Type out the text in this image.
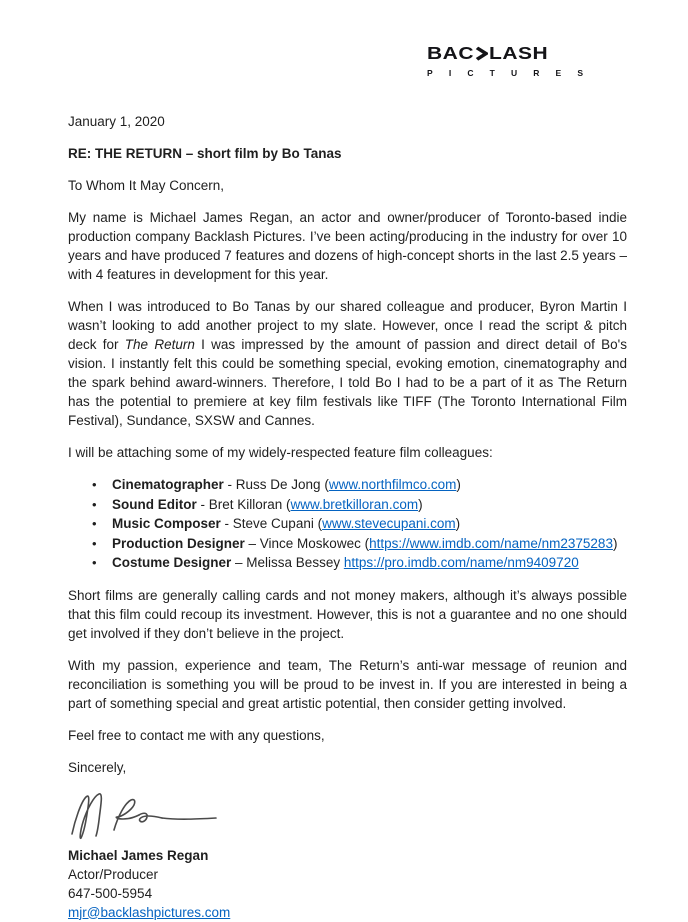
BAC LASH
P I C T U R E S
January 1, 2020
RE: THE RETURN – short film by Bo Tanas
To Whom It May Concern,
My name is Michael James Regan, an actor and owner/producer of Toronto-based indie production company Backlash Pictures. I’ve been acting/producing in the industry for over 10 years and have produced 7 features and dozens of high-concept shorts in the last 2.5 years – with 4 features in development for this year.
When I was introduced to Bo Tanas by our shared colleague and producer, Byron Martin I wasn’t looking to add another project to my slate. However, once I read the script & pitch deck for The Return I was impressed by the amount of passion and direct detail of Bo's vision. I instantly felt this could be something special, evoking emotion, cinematography and the spark behind award-winners. Therefore, I told Bo I had to be a part of it as The Return has the potential to premiere at key film festivals like TIFF (The Toronto International Film Festival), Sundance, SXSW and Cannes.
I will be attaching some of my widely-respected feature film colleagues:
• Cinematographer - Russ De Jong (www.northfilmco.com)
• Sound Editor - Bret Killoran (www.bretkilloran.com)
• Music Composer - Steve Cupani (www.stevecupani.com)
• Production Designer – Vince Moskowec (https://www.imdb.com/name/nm2375283)
• Costume Designer – Melissa Bessey https://pro.imdb.com/name/nm9409720
Short films are generally calling cards and not money makers, although it’s always possible that this film could recoup its investment. However, this is not a guarantee and no one should get involved if they don’t believe in the project.
With my passion, experience and team, The Return’s anti-war message of reunion and reconciliation is something you will be proud to be invest in. If you are interested in being a part of something special and great artistic potential, then consider getting involved.
Feel free to contact me with any questions,
Sincerely,
Michael James Regan
Actor/Producer
647-500-5954
mjr@backlashpictures.com
